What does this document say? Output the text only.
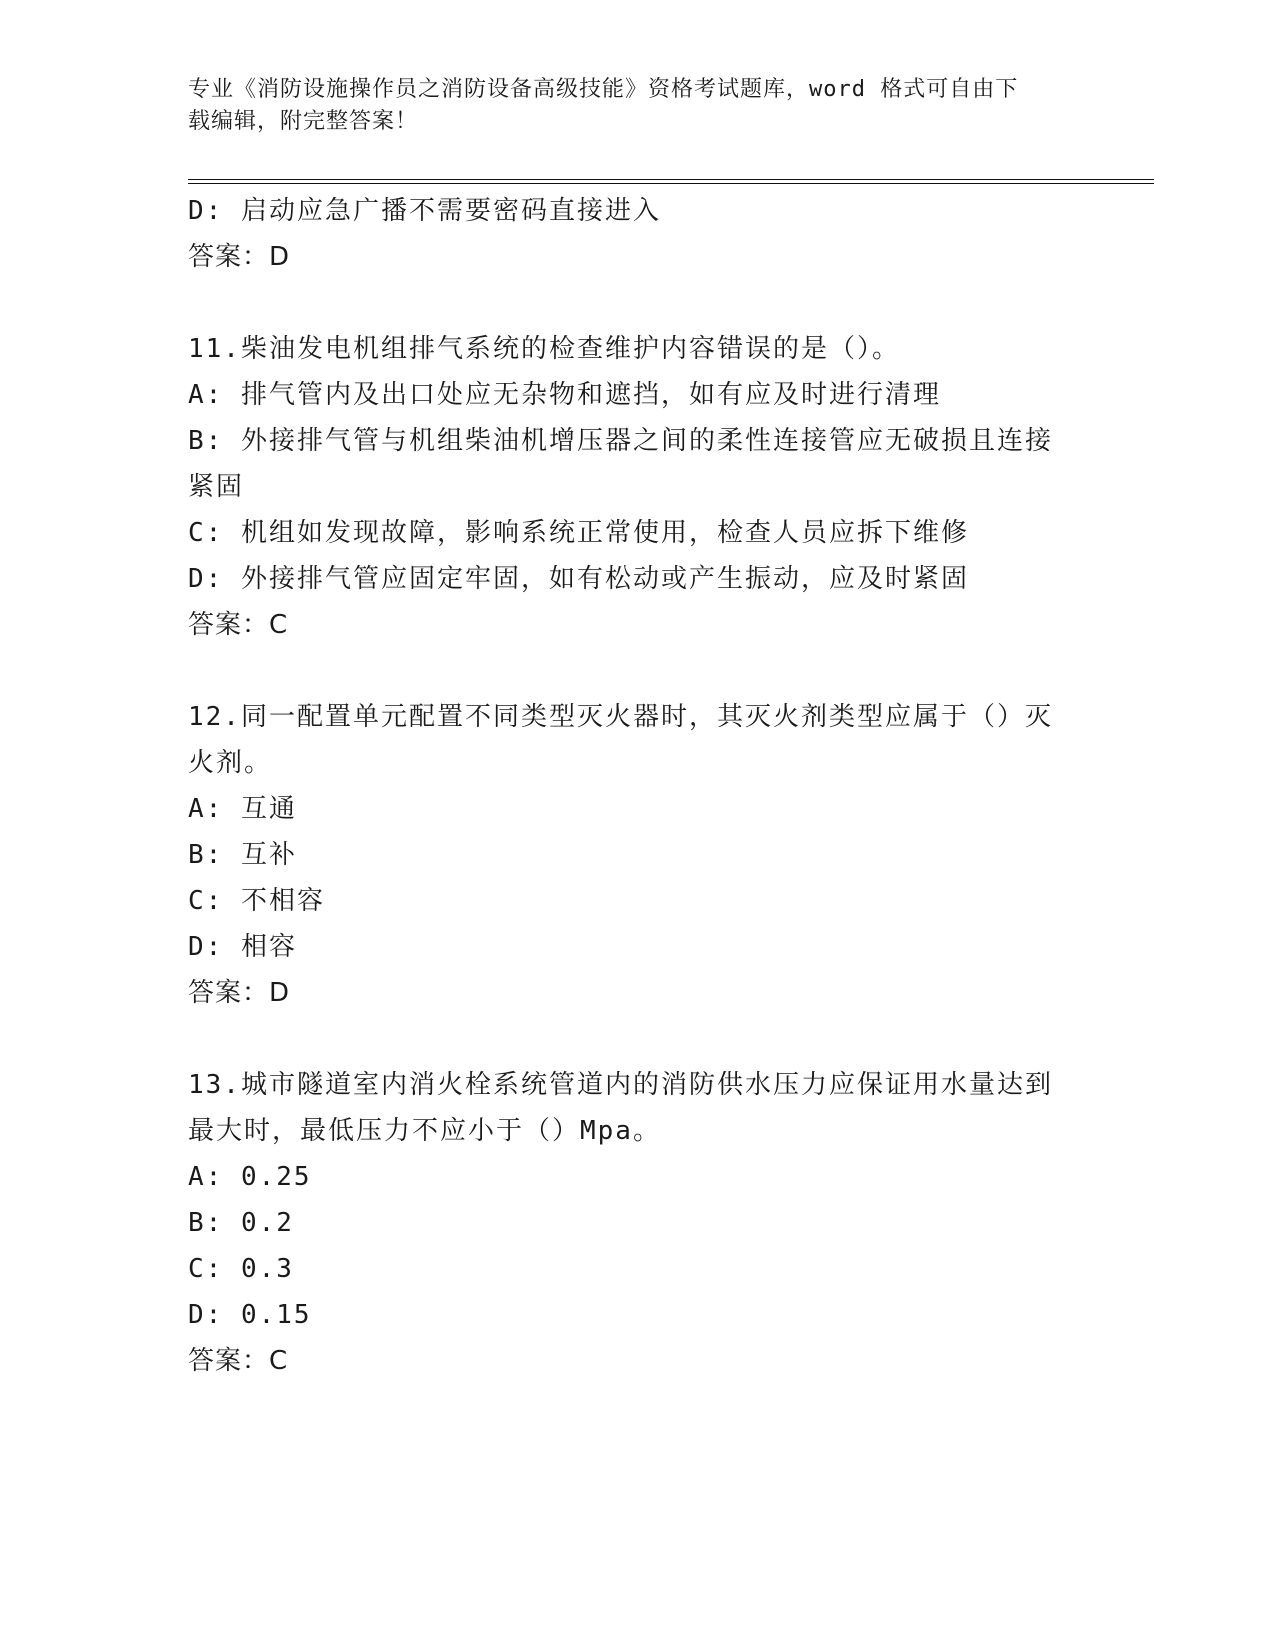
专业《消防设施操作员之消防设备高级技能》资格考试题库，word 格式可自由下
载编辑，附完整答案！
D: 启动应急广播不需要密码直接进入
答案：D
11.柴油发电机组排气系统的检查维护内容错误的是（）。
A: 排气管内及出口处应无杂物和遮挡，如有应及时进行清理
B: 外接排气管与机组柴油机增压器之间的柔性连接管应无破损且连接
紧固
C: 机组如发现故障，影响系统正常使用，检查人员应拆下维修
D: 外接排气管应固定牢固，如有松动或产生振动，应及时紧固
答案：C
12.同一配置单元配置不同类型灭火器时，其灭火剂类型应属于（）灭
火剂。
A: 互通
B: 互补
C: 不相容
D: 相容
答案：D
13.城市隧道室内消火栓系统管道内的消防供水压力应保证用水量达到
最大时，最低压力不应小于（）Mpa。
A: 0.25
B: 0.2
C: 0.3
D: 0.15
答案：C
